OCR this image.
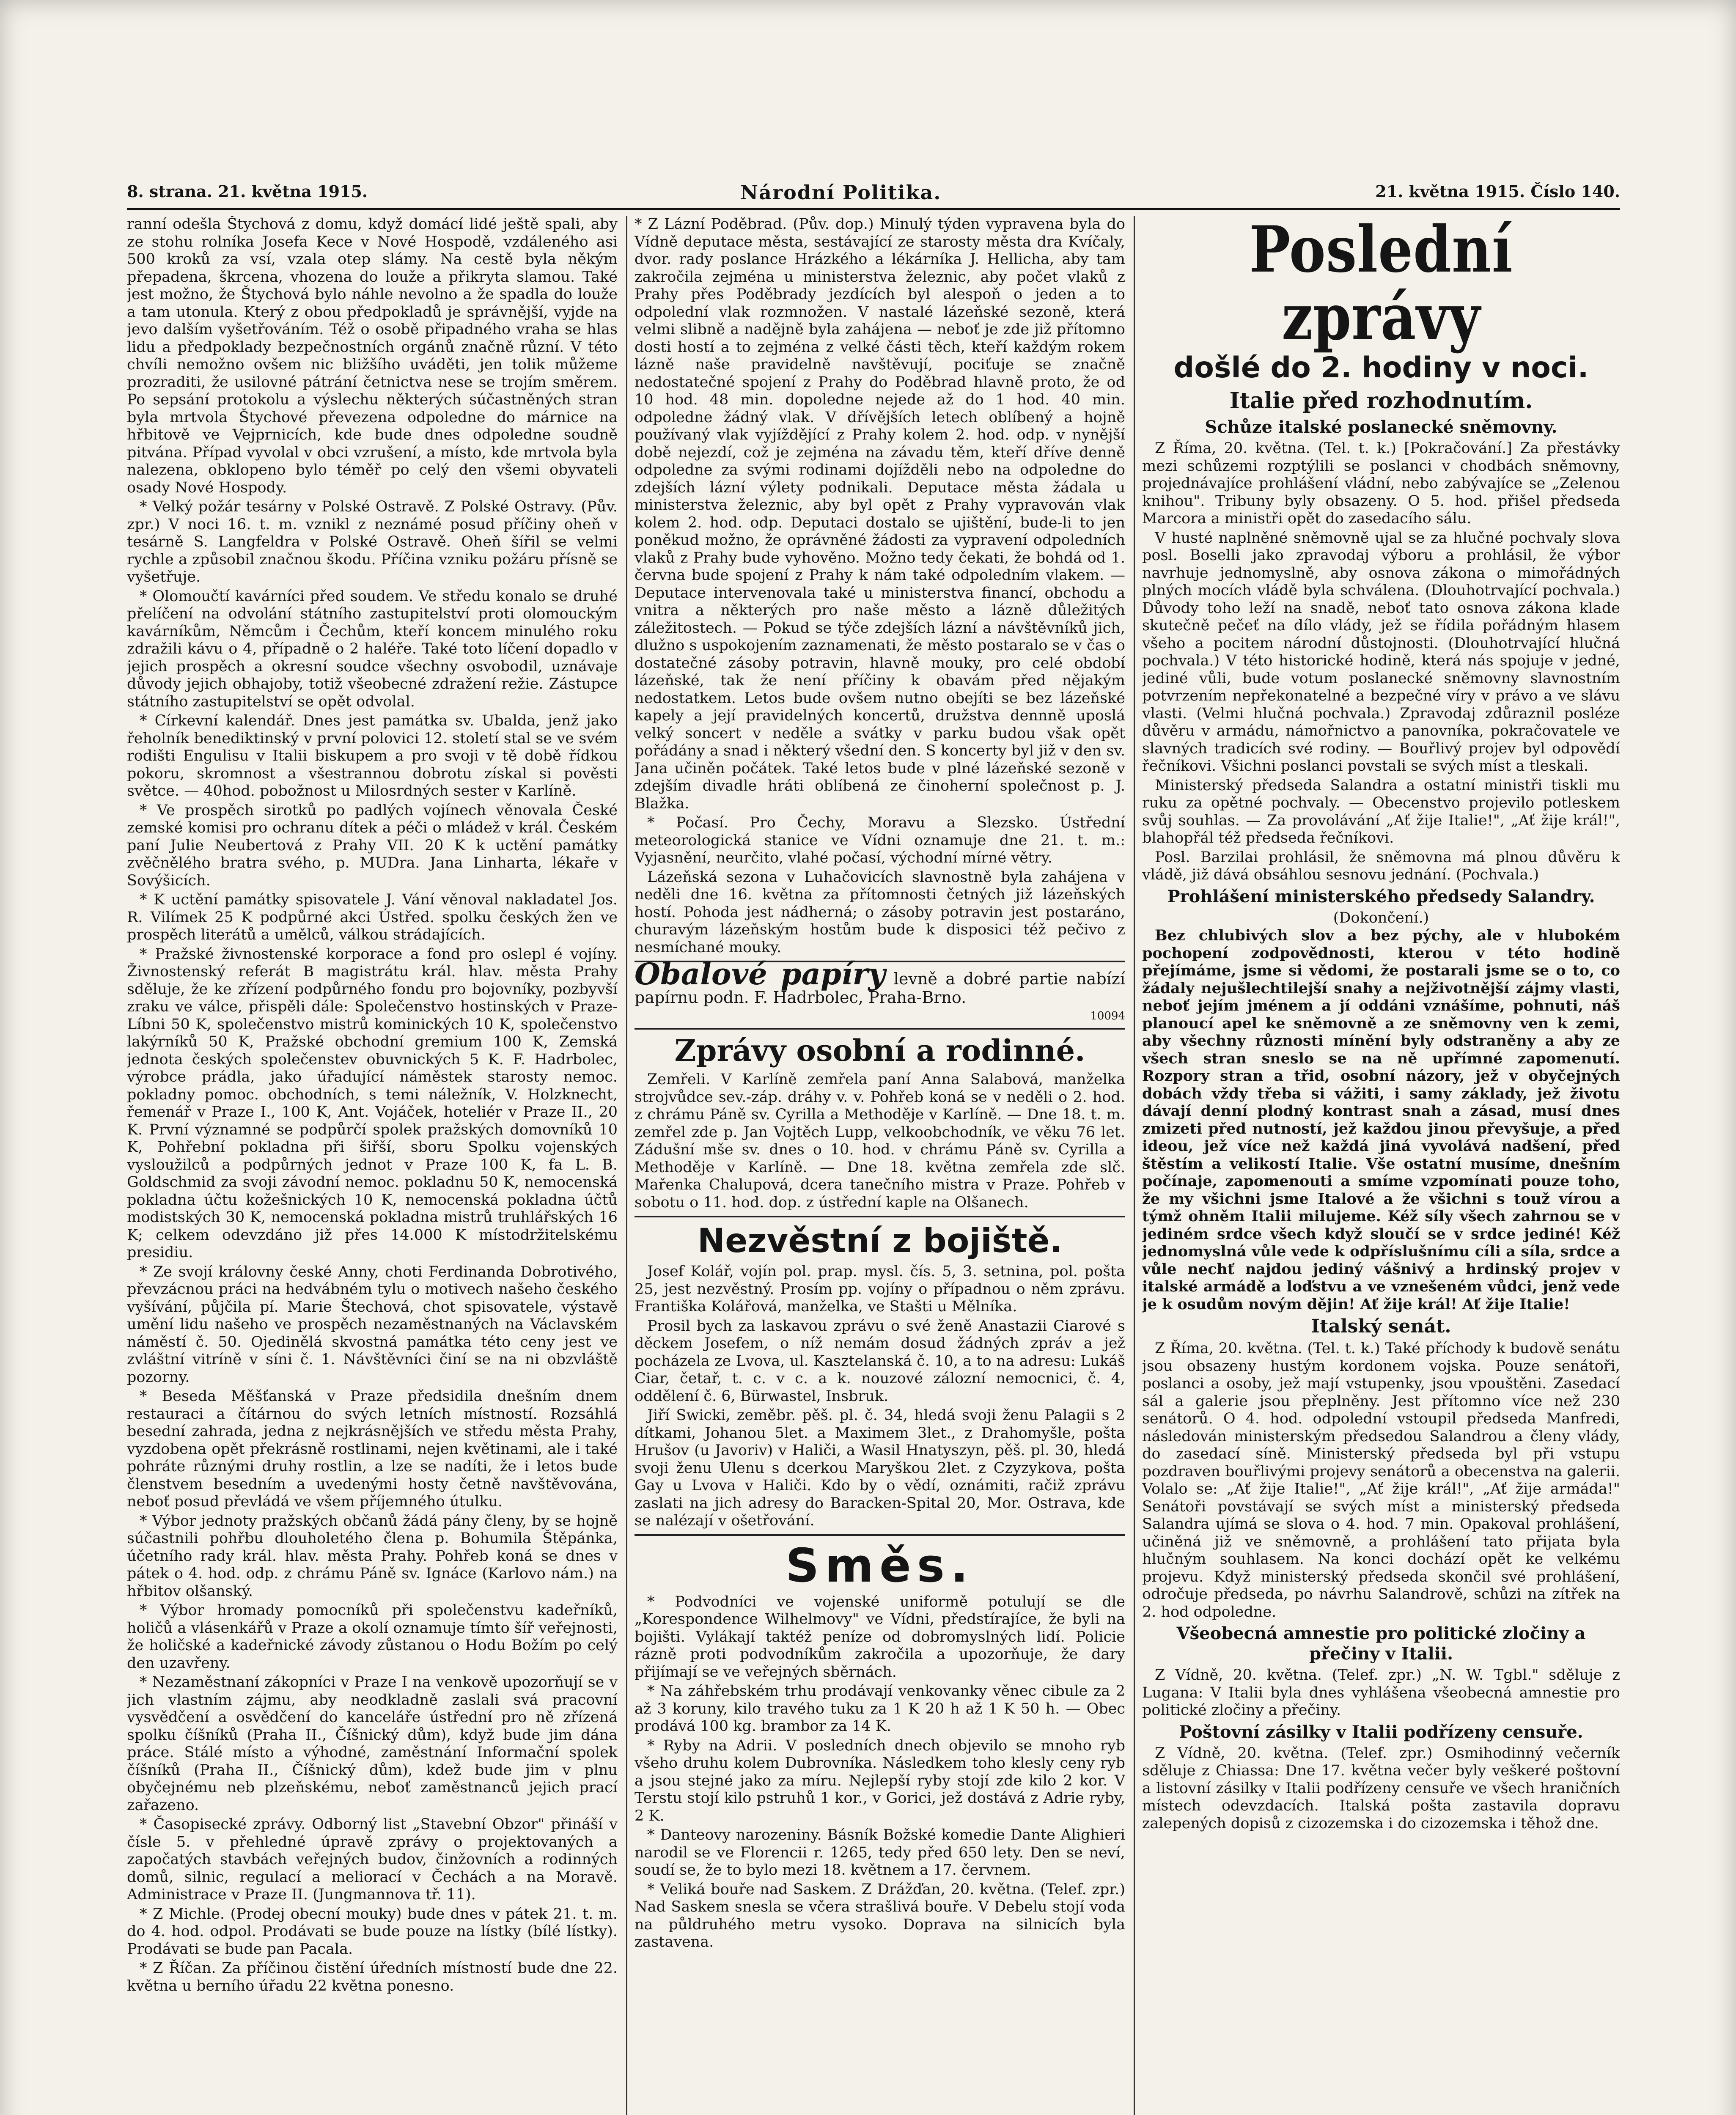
8. strana. 21. května 1915.	Národní Politika.	21. května 1915. Číslo 140.

ranní odešla Štychová z domu, když domácí lidé ještě spali, aby ze stohu rolníka Josefa Kece v Nové Hospodě, vzdáleného asi 500 kroků za vsí, vzala otep slámy. Na cestě byla někým přepadena, škrcena, vhozena do louže a přikryta slamou. Také jest možno, že Štychová bylo náhle nevolno a že spadla do louže a tam utonula. Který z obou předpokladů je správnější, vyjde na jevo dalším vyšetřováním. Též o osobě připadného vraha se hlas lidu a předpoklady bezpečnostních orgánů značně různí. V této chvíli nemožno ovšem nic bližšího uváděti, jen tolik můžeme prozraditi, že usilovné pátrání četnictva nese se trojím směrem. Po sepsání protokolu a výslechu některých súčastněných stran byla mrtvola Štychové převezena odpoledne do márnice na hřbitově ve Vejprnicích, kde bude dnes odpoledne soudně pitvána. Případ vyvolal v obci vzrušení, a místo, kde mrtvola byla nalezena, obklopeno bylo téměř po celý den všemi obyvateli osady Nové Hospody.

* Velký požár tesárny v Polské Ostravě. Z Polské Ostravy. (Pův. zpr.) V noci 16. t. m. vznikl z neznámé posud příčiny oheň v tesárně S. Langfeldra v Polské Ostravě. Oheň šířil se velmi rychle a způsobil značnou škodu. Příčina vzniku požáru přísně se vyšetřuje.

* Olomoučtí kavárníci před soudem. Ve středu konalo se druhé přelíčení na odvolání státního zastupitelství proti olomouckým kavárníkům, Němcům i Čechům, kteří koncem minulého roku zdražili kávu o 4, případně o 2 haléře. Také toto líčení dopadlo v jejich prospěch a okresní soudce všechny osvobodil, uznávaje důvody jejich obhajoby, totiž všeobecné zdražení režie. Zástupce státního zastupitelství se opět odvolal.

* Církevní kalendář. Dnes jest památka sv. Ubalda, jenž jako řeholník benediktinský v první polovici 12. století stal se ve svém rodišti Engulisu v Italii biskupem a pro svoji v tě době řídkou pokoru, skromnost a všestrannou dobrotu získal si pověsti světce. — 40hod. pobožnost u Milosrdných sester v Karlíně.

* Ve prospěch sirotků po padlých vojínech věnovala České zemské komisi pro ochranu dítek a péči o mládež v král. Českém paní Julie Neubertová z Prahy VII. 20 K k uctění památky zvěčnělého bratra svého, p. MUDra. Jana Linharta, lékaře v Sovýšicích.

* K uctění památky spisovatele J. Vání věnoval nakladatel Jos. R. Vilímek 25 K podpůrné akci Ústřed. spolku českých žen ve prospěch literátů a umělců, válkou strádajících.

* Pražské živnostenské korporace a fond pro oslepl é vojíny. Živnostenský referát B magistrátu král. hlav. města Prahy sděluje, že ke zřízení podpůrného fondu pro bojovníky, pozbyvší zraku ve válce, přispěli dále: Společenstvo hostinských v Praze-Líbni 50 K, společenstvo mistrů kominických 10 K, společenstvo lakýrníků 50 K, Pražské obchodní gremium 100 K, Zemská jednota českých společenstev obuvnických 5 K. F. Hadrbolec, výrobce prádla, jako úřadující náměstek starosty nemoc. pokladny pomoc. obchodních, s temi náležník, V. Holzknecht, řemenář v Praze I., 100 K, Ant. Vojáček, hoteliér v Praze II., 20 K. První významné se podpůrčí spolek pražských domovníků 10 K, Pohřební pokladna při šiřší, sboru Spolku vojenských vysloužilců a podpůrných jednot v Praze 100 K, fa L. B. Goldschmid za svoji závodní nemoc. pokladnu 50 K, nemocenská pokladna účtu kožešnických 10 K, nemocenská pokladna účtů modistských 30 K, nemocenská pokladna mistrů truhlářských 16 K; celkem odevzdáno již přes 14.000 K místodržitelskému presidiu.

* Ze svojí královny české Anny, choti Ferdinanda Dobrotivého, převzácnou práci na hedvábném tylu o motivech našeho českého vyšívání, půjčila pí. Marie Štechová, chot spisovatele, výstavě umění lidu našeho ve prospěch nezaměstnaných na Václavském náměstí č. 50. Ojedinělá skvostná památka této ceny jest ve zvláštní vitríně v síni č. 1. Návštěvníci činí se na ni obzvláště pozorny.

* Beseda Měšťanská v Praze předsidila dnešním dnem restauraci a čítárnou do svých letních místností. Rozsáhlá besední zahrada, jedna z nejkrásnějších ve středu města Prahy, vyzdobena opět překrásně rostlinami, nejen květinami, ale i také pohráte různými druhy rostlin, a lze se nadíti, že i letos bude členstvem besedním a uvedenými hosty četně navštěvována, neboť posud převládá ve všem příjemného útulku.

* Výbor jednoty pražských občanů žádá pány členy, by se hojně súčastnili pohřbu dlouholetého člena p. Bohumila Štěpánka, účetního rady král. hlav. města Prahy. Pohřeb koná se dnes v pátek o 4. hod. odp. z chrámu Páně sv. Ignáce (Karlovo nám.) na hřbitov olšanský.

* Výbor hromady pomocníků při společenstvu kadeřníků, holičů a vlásenkářů v Praze a okolí oznamuje tímto šíř veřejnosti, že holičské a kadeřnické závody zůstanou o Hodu Božím po celý den uzavřeny.

* Nezaměstnaní zákopníci v Praze I na venkově upozorňují se v jich vlastním zájmu, aby neodkladně zaslali svá pracovní vysvědčení a osvědčení do kanceláře ústřední pro ně zřízená spolku číšníků (Praha II., Číšnický dům), když bude jim dána práce. Stálé místo a výhodné, zaměstnání Informační spolek číšníků (Praha II., Číšnický dům), kdež bude jim v plnu obyčejnému neb plzeňskému, neboť zaměstnanců jejich prací zařazeno.

* Časopisecké zprávy. Odborný list „Stavební Obzor" přináší v čísle 5. v přehledné úpravě zprávy o projektovaných a započatých stavbách veřejných budov, činžovních a rodinných domů, silnic, regulací a meliorací v Čechách a na Moravě. Administrace v Praze II. (Jungmannova tř. 11).

* Z Michle. (Prodej obecní mouky) bude dnes v pátek 21. t. m. do 4. hod. odpol. Prodávati se bude pouze na lístky (bílé lístky). Prodávati se bude pan Pacala.

* Z Říčan. Za příčinou čistění úředních místností bude dne 22. května u berního úřadu 22 května ponesno.

* Z Lázní Poděbrad. (Pův. dop.) Minulý týden vypravena byla do Vídně deputace města, sestávající ze starosty města dra Kvíčaly, dvor. rady poslance Hrázkého a lékárníka J. Hellicha, aby tam zakročila zejména u ministerstva železnic, aby počet vlaků z Prahy přes Poděbrady jezdících byl alespoň o jeden a to odpolední vlak rozmnožen. V nastalé lázeňské sezoně, která velmi slibně a nadějně byla zahájena — neboť je zde již přítomno dosti hostí a to zejména z velké části těch, kteří každým rokem lázně naše pravidelně navštěvují, pociťuje se značně nedostatečné spojení z Prahy do Poděbrad hlavně proto, že od 10 hod. 48 min. dopoledne nejede až do 1 hod. 40 min. odpoledne žádný vlak. V dřívějších letech oblíbený a hojně používaný vlak vyjíždějící z Prahy kolem 2. hod. odp. v nynější době nejezdí, což je zejména na závadu těm, kteří dříve denně odpoledne za svými rodinami dojížděli nebo na odpoledne do zdejších lázní výlety podnikali. Deputace města žádala u ministerstva železnic, aby byl opět z Prahy vypravován vlak kolem 2. hod. odp. Deputaci dostalo se ujištění, bude-li to jen poněkud možno, že oprávněné žádosti za vypravení odpoledních vlaků z Prahy bude vyhověno. Možno tedy čekati, že bohdá od 1. června bude spojení z Prahy k nám také odpoledním vlakem. — Deputace intervenovala také u ministerstva financí, obchodu a vnitra a některých pro naše město a lázně důležitých záležitostech. — Pokud se týče zdejších lázní a návštěvníků jich, dlužno s uspokojením zaznamenati, že město postaralo se v čas o dostatečné zásoby potravin, hlavně mouky, pro celé období lázeňské, tak že není příčiny k obavám před nějakým nedostatkem. Letos bude ovšem nutno obejíti se bez lázeňské kapely a její pravidelných koncertů, družstva dennně uposlá velký soncert v neděle a svátky v parku budou však opět pořádány a snad i některý všední den. S koncerty byl již v den sv. Jana učiněn počátek. Také letos bude v plné lázeňské sezoně v zdejším divadle hráti oblíbená ze činoherní společnost p. J. Blažka.

* Počasí. Pro Čechy, Moravu a Slezsko. Ústřední meteorologická stanice ve Vídni oznamuje dne 21. t. m.: Vyjasnění, neurčito, vlahé počasí, východní mírné větry.

Lázeňská sezona v Luhačovicích slavnostně byla zahájena v neděli dne 16. května za přítomnosti četných již lázeňských hostí. Pohoda jest nádherná; o zásoby potravin jest postaráno, churavým lázeňským hostům bude k disposici též pečivo z nesmíchané mouky.

Obalové papíry levně a dobré partie nabízí papírnu podn. F. Hadrbolec, Praha-Brno.
10094
Zprávy osobní a rodinné.

Zemřeli. V Karlíně zemřela paní Anna Salabová, manželka strojvůdce sev.-záp. dráhy v. v. Pohřeb koná se v neděli o 2. hod. z chrámu Páně sv. Cyrilla a Methoděje v Karlíně. — Dne 18. t. m. zemřel zde p. Jan Vojtěch Lupp, velkoobchodník, ve věku 76 let. Zádušní mše sv. dnes o 10. hod. v chrámu Páně sv. Cyrilla a Methoděje v Karlíně. — Dne 18. května zemřela zde slč. Mařenka Chalupová, dcera tanečního mistra v Praze. Pohřeb v sobotu o 11. hod. dop. z ústřední kaple na Olšanech.

Nezvěstní z bojiště.

Josef Kolář, vojín pol. prap. mysl. čís. 5, 3. setnina, pol. pošta 25, jest nezvěstný. Prosím pp. vojíny o případnou o něm zprávu. Františka Kolářová, manželka, ve Stašti u Mělníka.

Prosil bych za laskavou zprávu o své ženě Anastazii Ciarové s děckem Josefem, o níž nemám dosud žádných zpráv a jež pocházela ze Lvova, ul. Kasztelanská č. 10, a to na adresu: Lukáš Ciar, četař, t. c. v c. a k. nouzové zálozní nemocnici, č. 4, oddělení č. 6, Bürwastel, Insbruk.

Jiří Swicki, zeměbr. pěš. pl. č. 34, hledá svoji ženu Palagii s 2 dítkami, Johanou 5let. a Maximem 3let., z Drahomyšle, pošta Hrušov (u Javoriv) v Haliči, a Wasil Hnatyszyn, pěš. pl. 30, hledá svoji ženu Ulenu s dcerkou Maryškou 2let. z Czyzykova, pošta Gay u Lvova v Haliči. Kdo by o vědí, oznámiti, račiž zprávu zaslati na jich adresy do Baracken-Spital 20, Mor. Ostrava, kde se nalézají v ošetřování.

Směs.

* Podvodníci ve vojenské uniformě potulují se dle „Korespondence Wilhelmovy" ve Vídni, předstírajíce, že byli na bojišti. Vylákají taktéž peníze od dobromyslných lidí. Policie rázně proti podvodníkům zakročila a upozorňuje, že dary přijímají se ve veřejných sběrnách.

* Na záhřebském trhu prodávají venkovanky věnec cibule za 2 až 3 koruny, kilo travého tuku za 1 K 20 h až 1 K 50 h. — Obec prodává 100 kg. brambor za 14 K.

* Ryby na Adrii. V posledních dnech objevilo se mnoho ryb všeho druhu kolem Dubrovníka. Následkem toho klesly ceny ryb a jsou stejné jako za míru. Nejlepší ryby stojí zde kilo 2 kor. V Terstu stojí kilo pstruhů 1 kor., v Gorici, jež dostává z Adrie ryby, 2 K.

* Danteovy narozeniny. Básník Božské komedie Dante Alighieri narodil se ve Florencii r. 1265, tedy před 650 lety. Den se neví, soudí se, že to bylo mezi 18. květnem a 17. červnem.

* Veliká bouře nad Saskem. Z Drážďan, 20. května. (Telef. zpr.) Nad Saskem snesla se včera strašlivá bouře. V Debelu stojí voda na půldruhého metru vysoko. Doprava na silnicích byla zastavena.

Poslední zprávy
došlé do 2. hodiny v noci.
Italie před rozhodnutím.
Schůze italské poslanecké sněmovny.

Z Říma, 20. května. (Tel. t. k.) [Pokračování.] Za přestávky mezi schůzemi rozptýlili se poslanci v chodbách sněmovny, projednávajíce prohlášení vládní, nebo zabývajíce se „Zelenou knihou". Tribuny byly obsazeny. O 5. hod. přišel předseda Marcora a ministři opět do zasedacího sálu.

V husté naplněné sněmovně ujal se za hlučné pochvaly slova posl. Boselli jako zpravodaj výboru a prohlásil, že výbor navrhuje jednomyslně, aby osnova zákona o mimořádných plných mocích vládě byla schválena. (Dlouhotrvající pochvala.) Důvody toho leží na snadě, neboť tato osnova zákona klade skutečně pečeť na dílo vlády, jež se řídila pořádným hlasem všeho a pocitem národní důstojnosti. (Dlouhotrvající hlučná pochvala.) V této historické hodině, která nás spojuje v jedné, jediné vůli, bude votum poslanecké sněmovny slavnostním potvrzením nepřekonatelné a bezpečné víry v právo a ve slávu vlasti. (Velmi hlučná pochvala.) Zpravodaj zdůraznil posléze důvěru v armádu, námořnictvo a panovníka, pokračovatele ve slavných tradicích své rodiny. — Bouřlivý projev byl odpovědí řečníkovi. Všichni poslanci povstali se svých míst a tleskali.

Ministerský předseda Salandra a ostatní ministři tiskli mu ruku za opětné pochvaly. — Obecenstvo projevilo potleskem svůj souhlas. — Za provolávání „Ať žije Italie!", „Ať žije král!", blahopřál též předseda řečníkovi.

Posl. Barzilai prohlásil, že sněmovna má plnou důvěru k vládě, již dává obsáhlou sesnovu jednání. (Pochvala.)

Prohlášení ministerského předsedy Salandry.
(Dokončení.)

Bez chlubivých slov a bez pýchy, ale v hlubokém pochopení zodpovědnosti, kterou v této hodině přejímáme, jsme si vědomi, že postarali jsme se o to, co žádaly nejušlechtilejší snahy a nejživotnější zájmy vlasti, neboť jejím jménem a jí oddáni vznášíme, pohnuti, náš planoucí apel ke sněmovně a ze sněmovny ven k zemi, aby všechny různosti mínění byly odstraněny a aby ze všech stran sneslo se na ně upřímné zapomenutí. Rozpory stran a třid, osobní názory, jež v obyčejných dobách vždy třeba si vážiti, i samy základy, jež životu dávají denní plodný kontrast snah a zásad, musí dnes zmizeti před nutností, jež každou jinou převyšuje, a před ideou, jež více než každá jiná vyvolává nadšení, před štěstím a velikostí Italie. Vše ostatní musíme, dnešním počínaje, zapomenouti a smíme vzpomínati pouze toho, že my všichni jsme Italové a že všichni s touž vírou a týmž ohněm Italii milujeme. Kéž síly všech zahrnou se v jediném srdce všech když sloučí se v srdce jediné! Kéž jednomyslná vůle vede k odpříslušnímu cíli a síla, srdce a vůle nechť najdou jediný vášnivý a hrdinský projev v italské armádě a loďstvu a ve vznešeném vůdci, jenž vede je k osudům novým dějin! Ať žije král! Ať žije Italie!

Italský senát.

Z Říma, 20. května. (Tel. t. k.) Také příchody k budově senátu jsou obsazeny hustým kordonem vojska. Pouze senátoři, poslanci a osoby, jež mají vstupenky, jsou vpouštěni. Zasedací sál a galerie jsou přeplněny. Jest přítomno více než 230 senátorů. O 4. hod. odpolední vstoupil předseda Manfredi, následován ministerským předsedou Salandrou a členy vlády, do zasedací síně. Ministerský předseda byl při vstupu pozdraven bouřlivými projevy senátorů a obecenstva na galerii. Volalo se: „Ať žije Italie!", „Ať žije král!", „Ať žije armáda!" Senátoři povstávají se svých míst a ministerský předseda Salandra ujímá se slova o 4. hod. 7 min. Opakoval prohlášení, učiněná již ve sněmovně, a prohlášení tato přijata byla hlučným souhlasem. Na konci dochází opět ke velkému projevu. Když ministerský předseda skončil své prohlášení, odročuje předseda, po návrhu Salandrově, schůzi na zítřek na 2. hod odpoledne.

Všeobecná amnestie pro politické zločiny a přečiny v Italii.

Z Vídně, 20. května. (Telef. zpr.) „N. W. Tgbl." sděluje z Lugana: V Italii byla dnes vyhlášena všeobecná amnestie pro politické zločiny a přečiny.

Poštovní zásilky v Italii podřízeny censuře.

Z Vídně, 20. května. (Telef. zpr.) Osmihodinný večerník sděluje z Chiassa: Dne 17. května večer byly veškeré poštovní a listovní zásilky v Italii podřízeny censuře ve všech hraničních místech odevzdacích. Italská pošta zastavila dopravu zalepených dopisů z cizozemska i do cizozemska i těhož dne.
